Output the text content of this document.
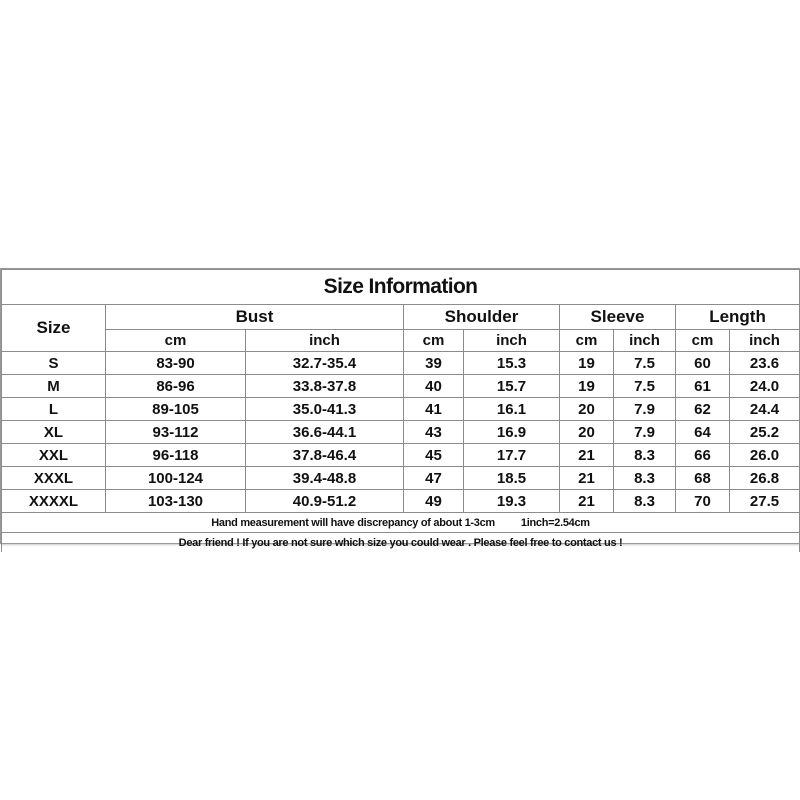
Size Information								
Size	Bust		Shoulder		Sleeve		Length	
	cm	inch	cm	inch	cm	inch	cm	inch
S	83-90	32.7-35.4	39	15.3	19	7.5	60	23.6
M	86-96	33.8-37.8	40	15.7	19	7.5	61	24.0
L	89-105	35.0-41.3	41	16.1	20	7.9	62	24.4
XL	93-112	36.6-44.1	43	16.9	20	7.9	64	25.2
XXL	96-118	37.8-46.4	45	17.7	21	8.3	66	26.0
XXXL	100-124	39.4-48.8	47	18.5	21	8.3	68	26.8
XXXXL	103-130	40.9-51.2	49	19.3	21	8.3	70	27.5
Hand measurement will have discrepancy of about 1-3cm 1inch=2.54cm								
Dear friend ! If you are not sure which size you could wear . Please feel free to contact us !								
